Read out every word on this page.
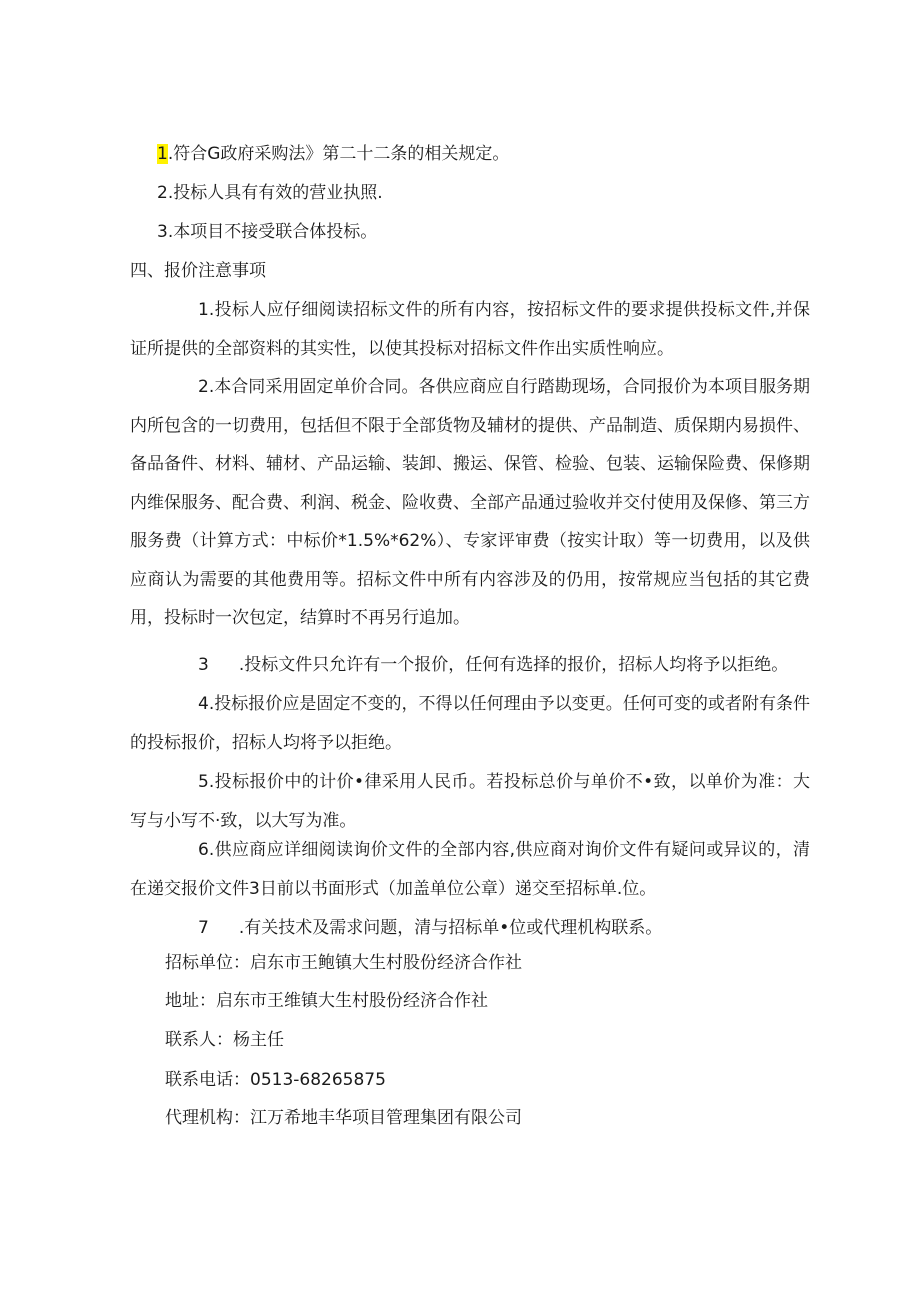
1.符合G政府采购法》第二十二条的相关规定。
2.投标人具有有效的营业执照.
3.本项目不接受联合体投标。
四、报价注意事项

1.投标人应仔细阅读招标文件的所有内容，按招标文件的要求提供投标文件,并保证所提供的全部资料的其实性，以使其投标对招标文件作出实质性响应。

2.本合同采用固定单价合同。各供应商应自行踏勘现场，合同报价为本项目服务期内所包含的一切费用，包括但不限于全部货物及辅材的提供、产品制造、质保期内易损件、备品备件、材料、辅材、产品运输、装卸、搬运、保管、检验、包装、运输保险费、保修期内维保服务、配合费、利润、税金、险收费、全部产品通过验收并交付使用及保修、第三方服务费（计算方式：中标价*1.5%*62%）、专家评审费（按实计取）等一切费用，以及供应商认为需要的其他费用等。招标文件中所有内容涉及的仍用，按常规应当包括的其它费用，投标时一次包定，结算时不再另行追加。

3 .投标文件只允许有一个报价，任何有选择的报价，招标人均将予以拒绝。

4.投标报价应是固定不变的，不得以任何理由予以变更。任何可变的或者附有条件的投标报价，招标人均将予以拒绝。

5.投标报价中的计价•律采用人民币。若投标总价与单价不•致，以单价为准：大写与小写不·致，以大写为准。

6.供应商应详细阅读询价文件的全部内容,供应商对询价文件有疑问或异议的，清在递交报价文件3日前以书面形式（加盖单位公章）递交至招标单.位。

7 .有关技术及需求问题，清与招标单•位或代理机构联系。

招标单位：启东市王鲍镇大生村股份经济合作社
地址：启东市王维镇大生村股份经济合作社
联系人：杨主任
联系电话：0513-68265875
代理机构：江万希地丰华项目管理集团有限公司
